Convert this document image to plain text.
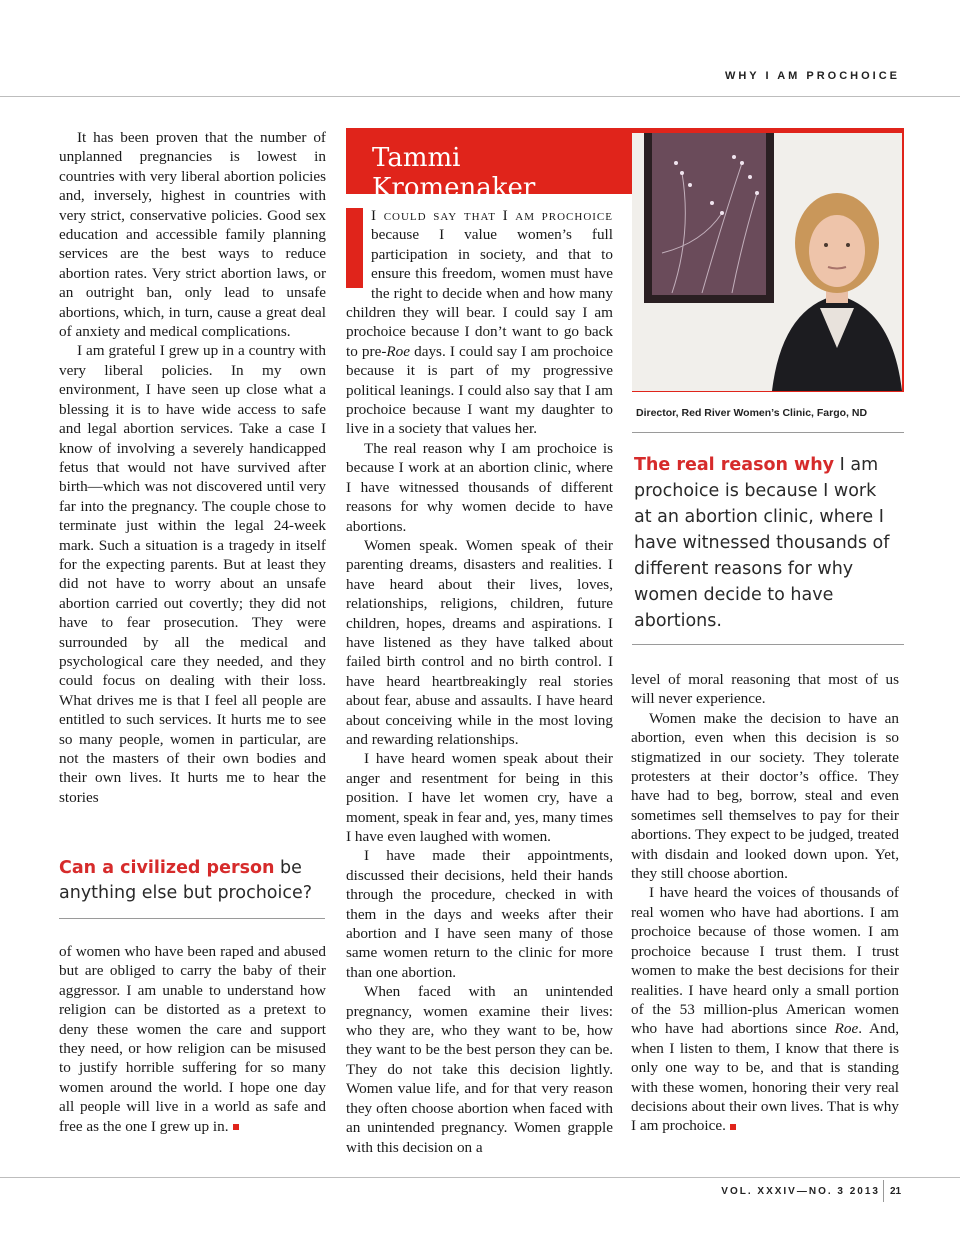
WHY I AM PROCHOICE

It has been proven that the number of unplanned pregnancies is lowest in countries with very liberal abortion policies and, inversely, highest in countries with very strict, conservative policies. Good sex education and accessible family planning services are the best ways to reduce abortion rates. Very strict abortion laws, or an outright ban, only lead to unsafe abortions, which, in turn, cause a great deal of anxiety and medical complications.

I am grateful I grew up in a country with very liberal policies. In my own environment, I have seen up close what a blessing it is to have wide access to safe and legal abortion services. Take a case I know of involving a severely handicapped fetus that would not have survived after birth—which was not discovered until very far into the pregnancy. The couple chose to terminate just within the legal 24-week mark. Such a situation is a tragedy in itself for the expecting parents. But at least they did not have to worry about an unsafe abortion carried out covertly; they did not have to fear prosecution. They were surrounded by all the medical and psychological care they needed, and they could focus on dealing with their loss. What drives me is that I feel all people are entitled to such services. It hurts me to see so many people, women in particular, are not the masters of their own bodies and their own lives. It hurts me to hear the stories

Can a civilized person be anything else but prochoice?

of women who have been raped and abused but are obliged to carry the baby of their aggressor. I am unable to understand how religion can be distorted as a pretext to deny these women the care and support they need, or how religion can be misused to justify horrible suffering for so many women around the world. I hope one day all people will live in a world as safe and free as the one I grew up in.

Tammi Kromenaker

I could say that I am prochoice because I value women’s full participation in society, and that to ensure this freedom, women must have the right to decide when and how many children they will bear. I could say I am prochoice because I don’t want to go back to pre-Roe days. I could say I am prochoice because it is part of my progressive political leanings. I could also say that I am prochoice because I want my daughter to live in a society that values her.

The real reason why I am prochoice is because I work at an abortion clinic, where I have witnessed thousands of different reasons for why women decide to have abortions.

Women speak. Women speak of their parenting dreams, disasters and realities. I have heard about their lives, loves, relationships, religions, children, future children, hopes, dreams and aspirations. I have listened as they have talked about failed birth control and no birth control. I have heard heartbreakingly real stories about fear, abuse and assaults. I have heard about conceiving while in the most loving and rewarding relationships.

I have heard women speak about their anger and resentment for being in this position. I have let women cry, have a moment, speak in fear and, yes, many times I have even laughed with women.

I have made their appointments, discussed their decisions, held their hands through the procedure, checked in with them in the days and weeks after their abortion and I have seen many of those same women return to the clinic for more than one abortion.

When faced with an unintended pregnancy, women examine their lives: who they are, who they want to be, how they want to be the best person they can be. They do not take this decision lightly. Women value life, and for that very reason they often choose abortion when faced with an unintended pregnancy. Women grapple with this decision on a

Director, Red River Women’s Clinic, Fargo, ND
The real reason why I am prochoice is because I work at an abortion clinic, where I have witnessed thousands of different reasons for why women decide to have abortions.

level of moral reasoning that most of us will never experience.

Women make the decision to have an abortion, even when this decision is so stigmatized in our society. They tolerate protesters at their doctor’s office. They have had to beg, borrow, steal and even sometimes sell themselves to pay for their abortions. They expect to be judged, treated with disdain and looked down upon. Yet, they still choose abortion.

I have heard the voices of thousands of real women who have had abortions. I am prochoice because of those women. I am prochoice because I trust them. I trust women to make the best decisions for their realities. I have heard only a small portion of the 53 million-plus American women who have had abortions since Roe. And, when I listen to them, I know that there is only one way to be, and that is standing with these women, honoring their very real decisions about their own lives. That is why I am prochoice.

VOL. XXXIV—NO. 3 2013 21
